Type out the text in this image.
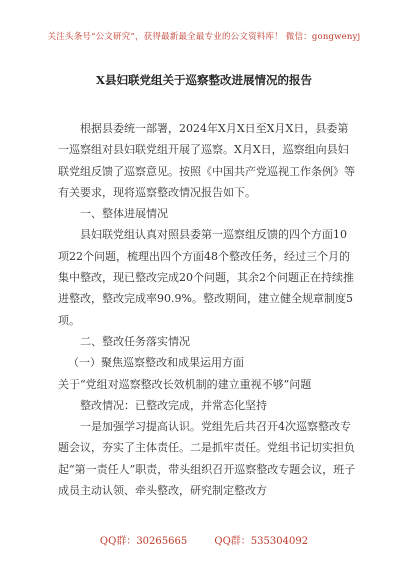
关注头条号“公文研究”，获得最新最全最专业的公文资料库！ 微信：gongwenyj
X县妇联党组关于巡察整改进展情况的报告

根据县委统一部署，2024年X月X日至X月X日，县委第一巡察组对县妇联党组开展了巡察。X月X日，巡察组向县妇联党组反馈了巡察意见。按照《中国共产党巡视工作条例》等有关要求，现将巡察整改情况报告如下。

一、整体进展情况

县妇联党组认真对照县委第一巡察组反馈的四个方面10项22个问题，梳理出四个方面48个整改任务，经过三个月的集中整改，现已整改完成20个问题，其余2个问题正在持续推进整改，整改完成率90.9%。整改期间，建立健全规章制度5项。

二、整改任务落实情况

（一）聚焦巡察整改和成果运用方面

关于“党组对巡察整改长效机制的建立重视不够”问题

整改情况：已整改完成，并常态化坚持

一是加强学习提高认识。党组先后共召开4次巡察整改专题会议，夯实了主体责任。二是抓牢责任。党组书记切实担负起“第一责任人”职责，带头组织召开巡察整改专题会议，班子成员主动认领、牵头整改，研究制定整改方

QQ群：30265665	QQ群：535304092
